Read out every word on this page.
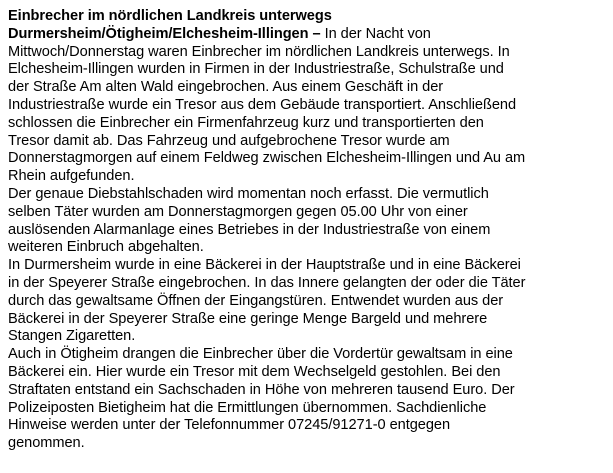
Einbrecher im nördlichen Landkreis unterwegs
Durmersheim/Ötigheim/Elchesheim-Illingen – In der Nacht von
Mittwoch/Donnerstag waren Einbrecher im nördlichen Landkreis unterwegs. In
Elchesheim-Illingen wurden in Firmen in der Industriestraße, Schulstraße und
der Straße Am alten Wald eingebrochen. Aus einem Geschäft in der
Industriestraße wurde ein Tresor aus dem Gebäude transportiert. Anschließend
schlossen die Einbrecher ein Firmenfahrzeug kurz und transportierten den
Tresor damit ab. Das Fahrzeug und aufgebrochene Tresor wurde am
Donnerstagmorgen auf einem Feldweg zwischen Elchesheim-Illingen und Au am
Rhein aufgefunden.
Der genaue Diebstahlschaden wird momentan noch erfasst. Die vermutlich
selben Täter wurden am Donnerstagmorgen gegen 05.00 Uhr von einer
auslösenden Alarmanlage eines Betriebes in der Industriestraße von einem
weiteren Einbruch abgehalten.
In Durmersheim wurde in eine Bäckerei in der Hauptstraße und in eine Bäckerei
in der Speyerer Straße eingebrochen. In das Innere gelangten der oder die Täter
durch das gewaltsame Öffnen der Eingangstüren. Entwendet wurden aus der
Bäckerei in der Speyerer Straße eine geringe Menge Bargeld und mehrere
Stangen Zigaretten.
Auch in Ötigheim drangen die Einbrecher über die Vordertür gewaltsam in eine
Bäckerei ein. Hier wurde ein Tresor mit dem Wechselgeld gestohlen. Bei den
Straftaten entstand ein Sachschaden in Höhe von mehreren tausend Euro. Der
Polizeiposten Bietigheim hat die Ermittlungen übernommen. Sachdienliche
Hinweise werden unter der Telefonnummer 07245/91271-0 entgegen
genommen.
